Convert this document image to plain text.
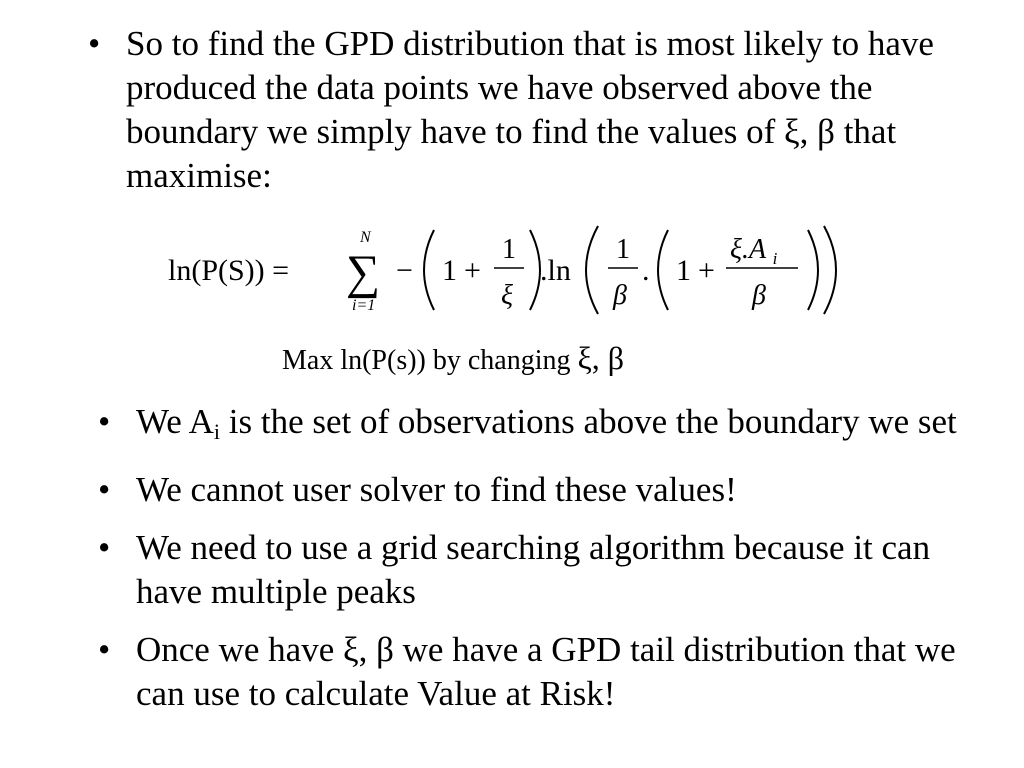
• So to find the GPD distribution that is most likely to have produced the data points we have observed above the boundary we simply have to find the values of ξ, β that maximise:
ln(P(S)) =
N
∑
i=1
− 1 +
1
ξ
.ln
1
β
. 1 +
ξ.A $_i$
β
Max ln(P(s)) by changing ξ, β
• We $A_i$ is the set of observations above the boundary we set
• We cannot user solver to find these values!
• We need to use a grid searching algorithm because it can have multiple peaks
• Once we have ξ, β we have a GPD tail distribution that we can use to calculate Value at Risk!
